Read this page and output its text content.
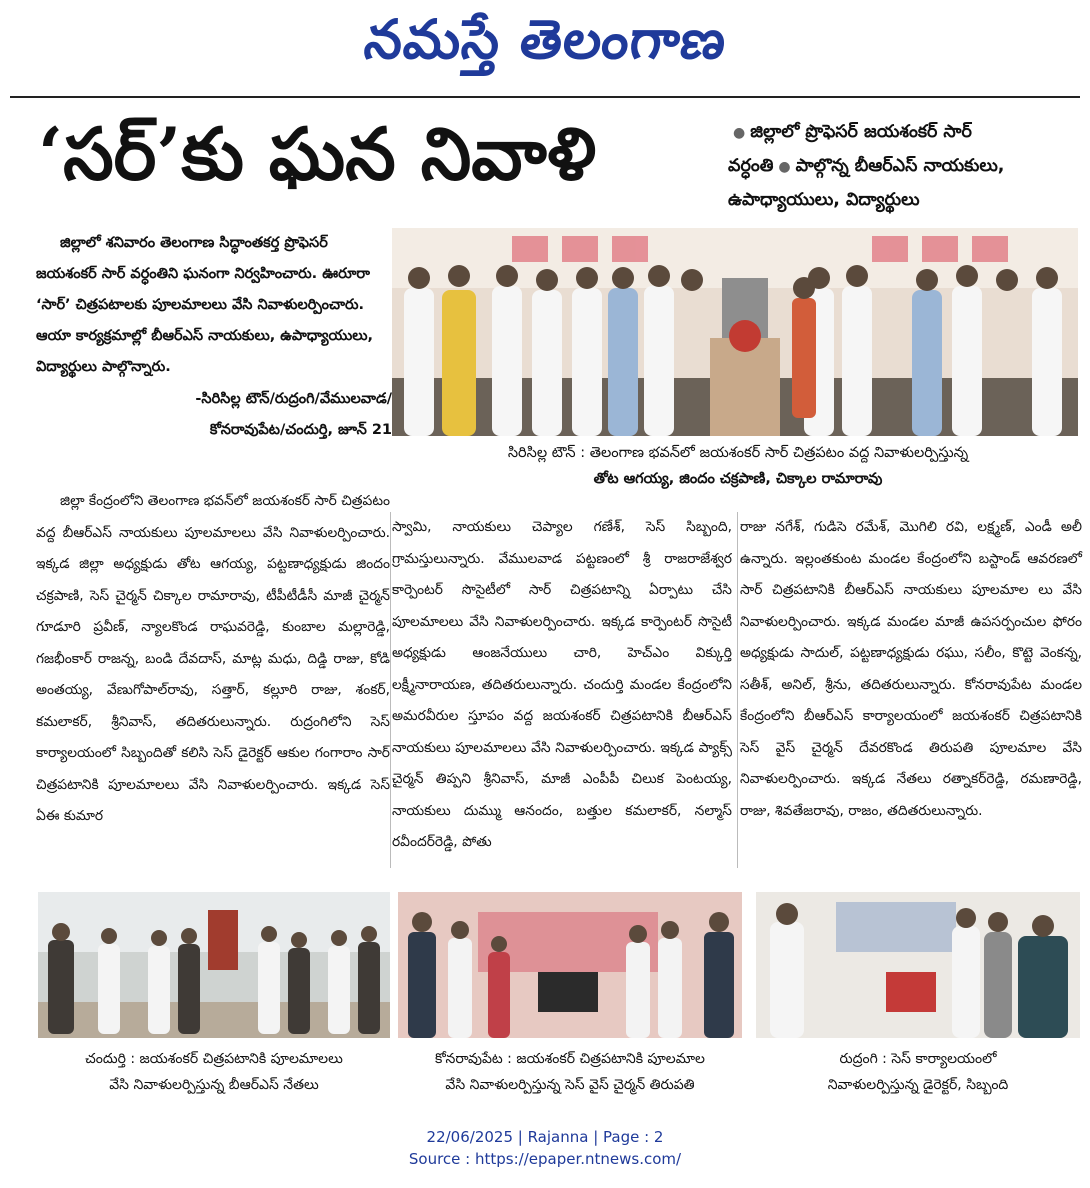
నమస్తే తెలంగాణ
‘సర్’కు ఘన నివాళి	● జిల్లాలో ప్రొఫెసర్ జయశంకర్ సార్
వర్ధంతి ● పాల్గొన్న బీఆర్ఎస్ నాయకులు,
ఉపాధ్యాయులు, విద్యార్థులు

జిల్లాలో శనివారం తెలంగాణ సిద్ధాంతకర్త ప్రొఫెసర్ జయశంకర్ సార్ వర్ధంతిని ఘనంగా నిర్వహించారు. ఊరూరా ‘సార్’ చిత్రపటాలకు పూలమాలలు వేసి నివాళులర్పించారు. ఆయా కార్యక్రమాల్లో బీఆర్ఎస్ నాయకులు, ఉపాధ్యాయులు, విద్యార్థులు పాల్గొన్నారు.

-సిరిసిల్ల టౌన్/రుద్రంగి/వేములవాడ/
కోనరావుపేట/చందుర్తి, జూన్ 21
సిరిసిల్ల టౌన్ : తెలంగాణ భవన్‌లో జయశంకర్ సార్ చిత్రపటం వద్ద నివాళులర్పిస్తున్న
తోట ఆగయ్య, జిందం చక్రపాణి, చిక్కాల రామారావు
జిల్లా కేంద్రంలోని తెలంగాణ భవన్‌లో జయశంకర్ సార్ చిత్రపటం వద్ద బీఆర్ఎస్ నాయకులు పూలమాలలు వేసి నివాళులర్పించారు. ఇక్కడ జిల్లా అధ్యక్షుడు తోట ఆగయ్య, పట్టణాధ్యక్షుడు జిందం చక్రపాణి, సెస్ చైర్మన్ చిక్కాల రామారావు, టీపీటీడీసీ మాజీ చైర్మన్ గూడూరి ప్రవీణ్, న్యాలకొండ రాఘవరెడ్డి, కుంబాల మల్లారెడ్డి, గజభీంకార్ రాజన్న, బండి దేవదాస్, మాట్ల మధు, దిడ్డి రాజు, కోడి అంతయ్య, వేణుగోపాల్‌రావు, సత్తార్, కల్లూరి రాజు, శంకర్, కమలాకర్, శ్రీనివాస్, తదితరులున్నారు. రుద్రంగిలోని సెస్ కార్యాలయంలో సిబ్బందితో కలిసి సెస్ డైరెక్టర్ ఆకుల గంగారాం సార్ చిత్రపటానికి పూలమాలలు వేసి నివాళులర్పించారు. ఇక్కడ సెస్ ఏఈ కుమార
స్వామి, నాయకులు చెప్యాల గణేశ్, సెస్ సిబ్బంది, గ్రామస్తులున్నారు. వేములవాడ పట్టణంలో శ్రీ రాజరాజేశ్వర కార్పెంటర్ సొసైటీలో సార్ చిత్రపటాన్ని ఏర్పాటు చేసి పూలమాలలు వేసి నివాళులర్పించారు. ఇక్కడ కార్పెంటర్ సొసైటీ అధ్యక్షుడు ఆంజనేయులు చారి, హెచ్ఎం విక్కుర్తి లక్ష్మీనారాయణ, తదితరులున్నారు. చందుర్తి మండల కేంద్రంలోని అమరవీరుల స్తూపం వద్ద జయశంకర్ చిత్రపటానికి బీఆర్ఎస్ నాయకులు పూలమాలలు వేసి నివాళులర్పించారు. ఇక్కడ ప్యాక్స్ చైర్మన్ తిప్పని శ్రీనివాస్, మాజీ ఎంపీపీ చిలుక పెంటయ్య, నాయకులు దుమ్ము ఆనందం, బత్తుల కమలాకర్, నల్మాస్ రవీందర్‌రెడ్డి, పోతు
రాజు నగేశ్, గుడిసె రమేశ్, మొగిలి రవి, లక్ష్మణ్, ఎండీ అలీ ఉన్నారు. ఇల్లంతకుంట మండల కేంద్రంలోని బస్టాండ్ ఆవరణలో సార్ చిత్రపటానికి బీఆర్ఎస్ నాయకులు పూలమాల లు వేసి నివాళులర్పించారు. ఇక్కడ మండల మాజీ ఉపసర్పంచుల ఫోరం అధ్యక్షుడు సాదుల్, పట్టణాధ్యక్షుడు రఘు, సలీం, కొట్టె వెంకన్న, సతీశ్, అనిల్, శ్రీను, తదితరులున్నారు. కోనరావుపేట మండల కేంద్రంలోని బీఆర్ఎస్ కార్యాలయంలో జయశంకర్ చిత్రపటానికి సెస్ వైస్ చైర్మన్ దేవరకొండ తిరుపతి పూలమాల వేసి నివాళులర్పించారు. ఇక్కడ నేతలు రత్నాకర్‌రెడ్డి, రమణారెడ్డి, రాజు, శివతేజరావు, రాజం, తదితరులున్నారు.
చందుర్తి : జయశంకర్ చిత్రపటానికి పూలమాలలు
వేసి నివాళులర్పిస్తున్న బీఆర్ఎస్ నేతలు
కోనరావుపేట : జయశంకర్ చిత్రపటానికి పూలమాల
వేసి నివాళులర్పిస్తున్న సెస్ వైస్ చైర్మన్ తిరుపతి
రుద్రంగి : సెస్ కార్యాలయంలో
నివాళులర్పిస్తున్న డైరెక్టర్, సిబ్బంది
22/06/2025 | Rajanna | Page : 2
Source : https://epaper.ntnews.com/
